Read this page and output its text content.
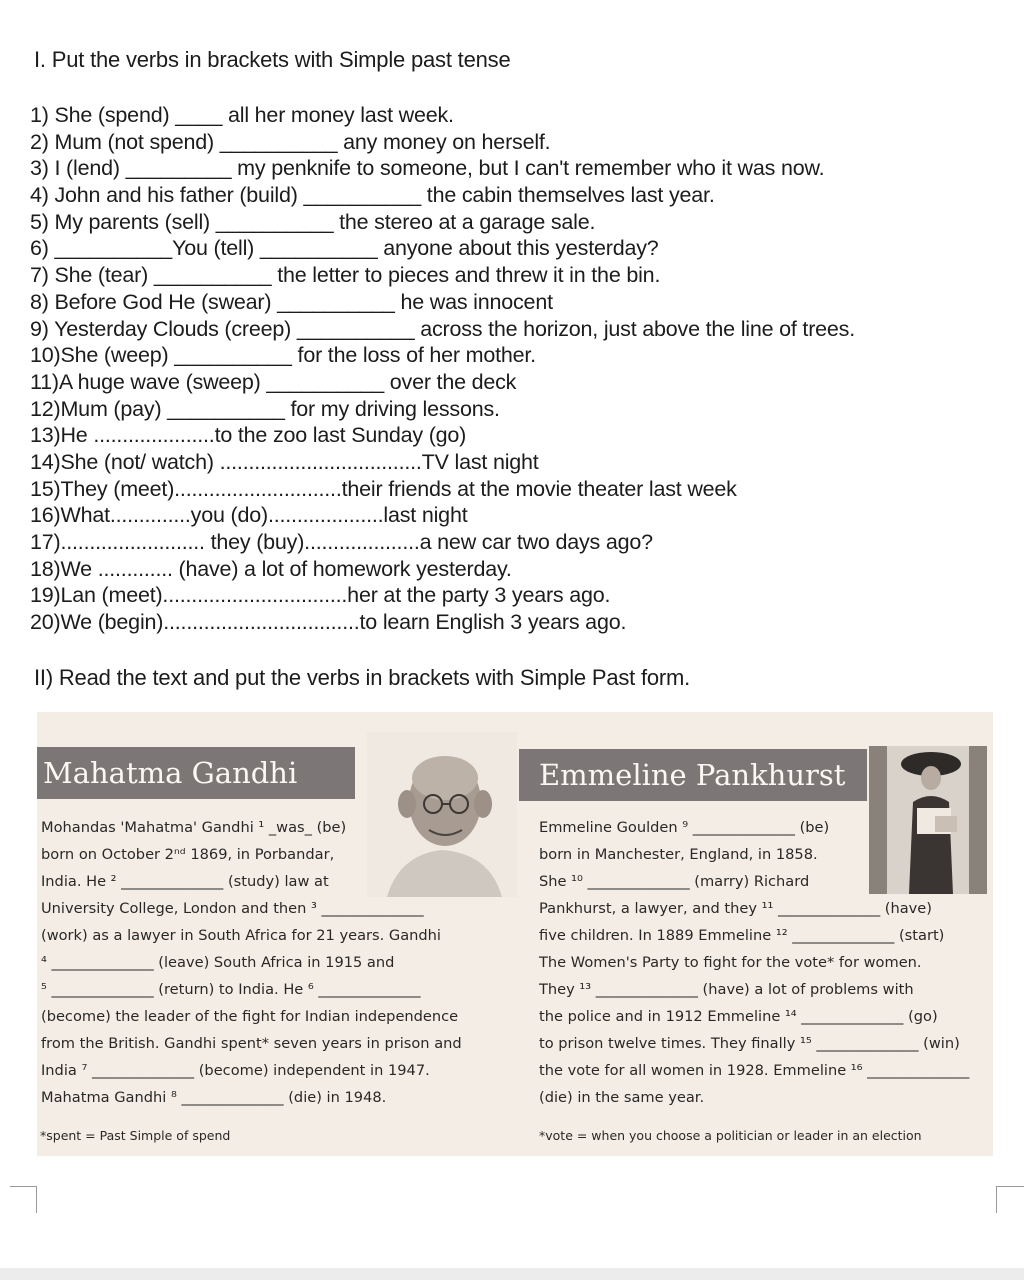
I. Put the verbs in brackets with Simple past tense
1) She (spend) ____ all her money last week.
2) Mum (not spend) __________ any money on herself.
3) I (lend) _________ my penknife to someone, but I can't remember who it was now.
4) John and his father (build) __________ the cabin themselves last year.
5) My parents (sell) __________ the stereo at a garage sale.
6) __________You (tell) __________ anyone about this yesterday?
7) She (tear) __________ the letter to pieces and threw it in the bin.
8) Before God He (swear) __________ he was innocent
9) Yesterday Clouds (creep) __________ across the horizon, just above the line of trees.
10)She (weep) __________ for the loss of her mother.
11)A huge wave (sweep) __________ over the deck
12)Mum (pay) __________ for my driving lessons.
13)He .....................to the zoo last Sunday (go)
14)She (not/ watch) ...................................TV last night
15)They (meet).............................their friends at the movie theater last week
16)What..............you (do)....................last night
17)......................... they (buy)....................a new car two days ago?
18)We ............. (have) a lot of homework yesterday.
19)Lan (meet)................................her at the party 3 years ago.
20)We (begin)..................................to learn English 3 years ago.
II) Read the text and put the verbs in brackets with Simple Past form.
Mahatma Gandhi
Mohandas 'Mahatma' Gandhi ¹ _was_ (be)
born on October 2ⁿᵈ 1869, in Porbandar,
India. He ² ______________ (study) law at
University College, London and then ³ ______________
(work) as a lawyer in South Africa for 21 years. Gandhi
⁴ ______________ (leave) South Africa in 1915 and
⁵ ______________ (return) to India. He ⁶ ______________
(become) the leader of the fight for Indian independence
from the British. Gandhi spent* seven years in prison and
India ⁷ ______________ (become) independent in 1947.
Mahatma Gandhi ⁸ ______________ (die) in 1948.
*spent = Past Simple of spend
Emmeline Pankhurst
Emmeline Goulden ⁹ ______________ (be)
born in Manchester, England, in 1858.
She ¹⁰ ______________ (marry) Richard
Pankhurst, a lawyer, and they ¹¹ ______________ (have)
five children. In 1889 Emmeline ¹² ______________ (start)
The Women's Party to fight for the vote* for women.
They ¹³ ______________ (have) a lot of problems with
the police and in 1912 Emmeline ¹⁴ ______________ (go)
to prison twelve times. They finally ¹⁵ ______________ (win)
the vote for all women in 1928. Emmeline ¹⁶ ______________
(die) in the same year.
*vote = when you choose a politician or leader in an election
